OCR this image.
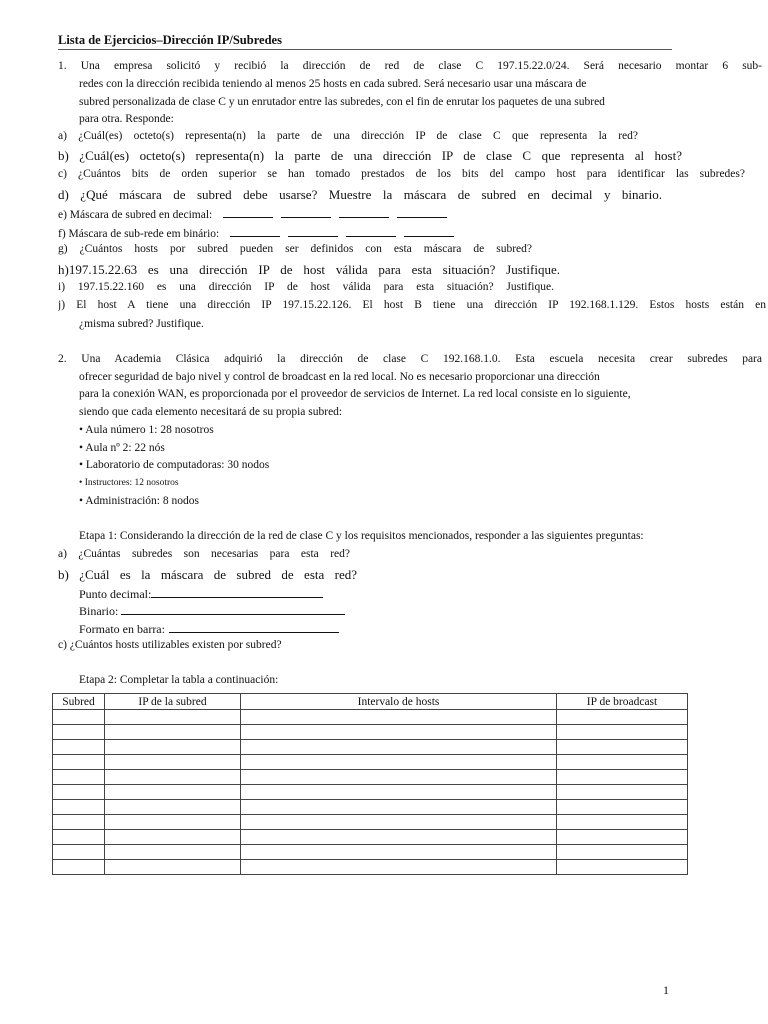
Lista de Ejercicios–Dirección IP/Subredes
1. Una empresa solicitó y recibió la dirección de red de clase C 197.15.22.0/24. Será necesario montar 6 sub-
redes con la dirección recibida teniendo al menos 25 hosts en cada subred. Será necesario usar una máscara de
subred personalizada de clase C y un enrutador entre las subredes, con el fin de enrutar los paquetes de una subred
para otra. Responde:
a) ¿Cuál(es) octeto(s) representa(n) la parte de una dirección IP de clase C que representa la red?
b) ¿Cuál(es) octeto(s) representa(n) la parte de una dirección IP de clase C que representa al host?
c) ¿Cuántos bits de orden superior se han tomado prestados de los bits del campo host para identificar las subredes?
d) ¿Qué máscara de subred debe usarse? Muestre la máscara de subred en decimal y binario.
e) Máscara de subred en decimal:
f) Máscara de sub-rede em binário:
g) ¿Cuántos hosts por subred pueden ser definidos con esta máscara de subred?
h)197.15.22.63 es una dirección IP de host válida para esta situación? Justifique.
i) 197.15.22.160 es una dirección IP de host válida para esta situación? Justifique.
j) El host A tiene una dirección IP 197.15.22.126. El host B tiene una dirección IP 192.168.1.129. Estos hosts están en
¿misma subred? Justifique.
2. Una Academia Clásica adquirió la dirección de clase C 192.168.1.0. Esta escuela necesita crear subredes para
ofrecer seguridad de bajo nivel y control de broadcast en la red local. No es necesario proporcionar una dirección
para la conexión WAN, es proporcionada por el proveedor de servicios de Internet. La red local consiste en lo siguiente,
siendo que cada elemento necesitará de su propia subred:
• Aula número 1: 28 nosotros
• Aula nº 2: 22 nós
• Laboratorio de computadoras: 30 nodos
• Instructores: 12 nosotros
• Administración: 8 nodos
Etapa 1: Considerando la dirección de la red de clase C y los requisitos mencionados, responder a las siguientes preguntas:
a) ¿Cuántas subredes son necesarias para esta red?
b) ¿Cuál es la máscara de subred de esta red?
Punto decimal:
Binario:
Formato en barra:
c) ¿Cuántos hosts utilizables existen por subred?
Etapa 2: Completar la tabla a continuación:
Subred	IP de la subred	Intervalo de hosts	IP de broadcast

1
